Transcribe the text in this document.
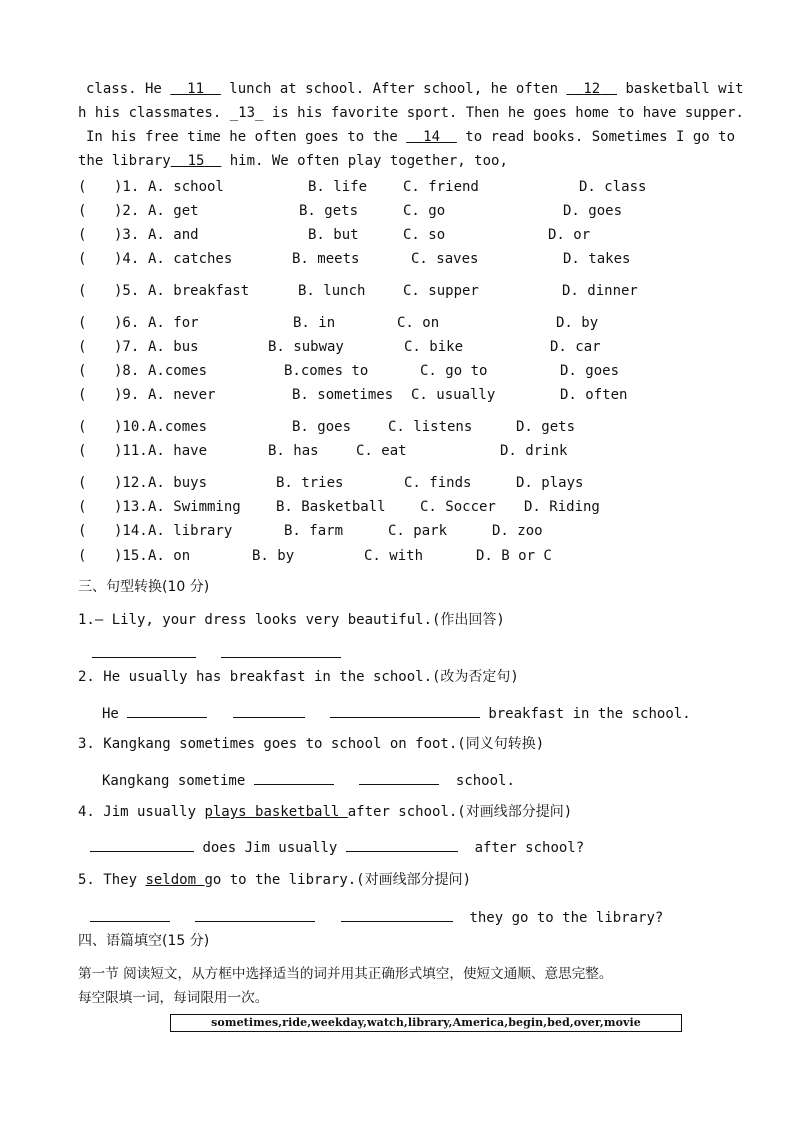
class. He   11   lunch at school. After school, he often   12   basketball wit
h his classmates. _13_ is his favorite sport. Then he goes home to have supper.
In his free time he often goes to the   14   to read books. Sometimes I go to
the library 15   him. We often play together, too,
( )1. A. school	B. life	C. friend	D. class
( )2. A. get	B. gets	C. go	D. goes
( )3. A. and	B. but	C. so	D. or
( )4. A. catches	B. meets	C. saves	D. takes
( )5. A. breakfast	B. lunch	C. supper	D. dinner
( )6. A. for	B. in	C. on	D. by
( )7. A. bus	B. subway	C. bike	D. car
( )8. A.comes	B.comes to	C. go to	D. goes
( )9. A. never	B. sometimes C. usually	D. often
( )10. A.comes	B. goes	C. listens	D. gets
( )11. A. have	B. has	C. eat	D. drink
( )12. A. buys	B. tries	C. finds	D. plays
( )13. A. Swimming	B. Basketball C. Soccer D. Riding
( )14. A. library	B. farm	C. park	D. zoo
( )15. A. on	B. by	C. with	D. B or C
三、句型转换(10 分)
1.— Lily, your dress looks very beautiful.(作出回答)

2. He usually has breakfast in the school.(改为否定句)
He	breakfast in the school.
3. Kangkang sometimes goes to school on foot.(同义句转换)
Kangkang sometime	school.
4. Jim usually plays basketball after school.(对画线部分提问)
does Jim usually	after school?
5. They seldom go to the library.(对画线部分提问)
they go to the library?
四、语篇填空(15 分)
第一节 阅读短文，从方框中选择适当的词并用其正确形式填空，使短文通顺、意思完整。
每空限填一词，每词限用一次。
sometimes,ride,weekday,watch,library,America,begin,bed,over,movie
